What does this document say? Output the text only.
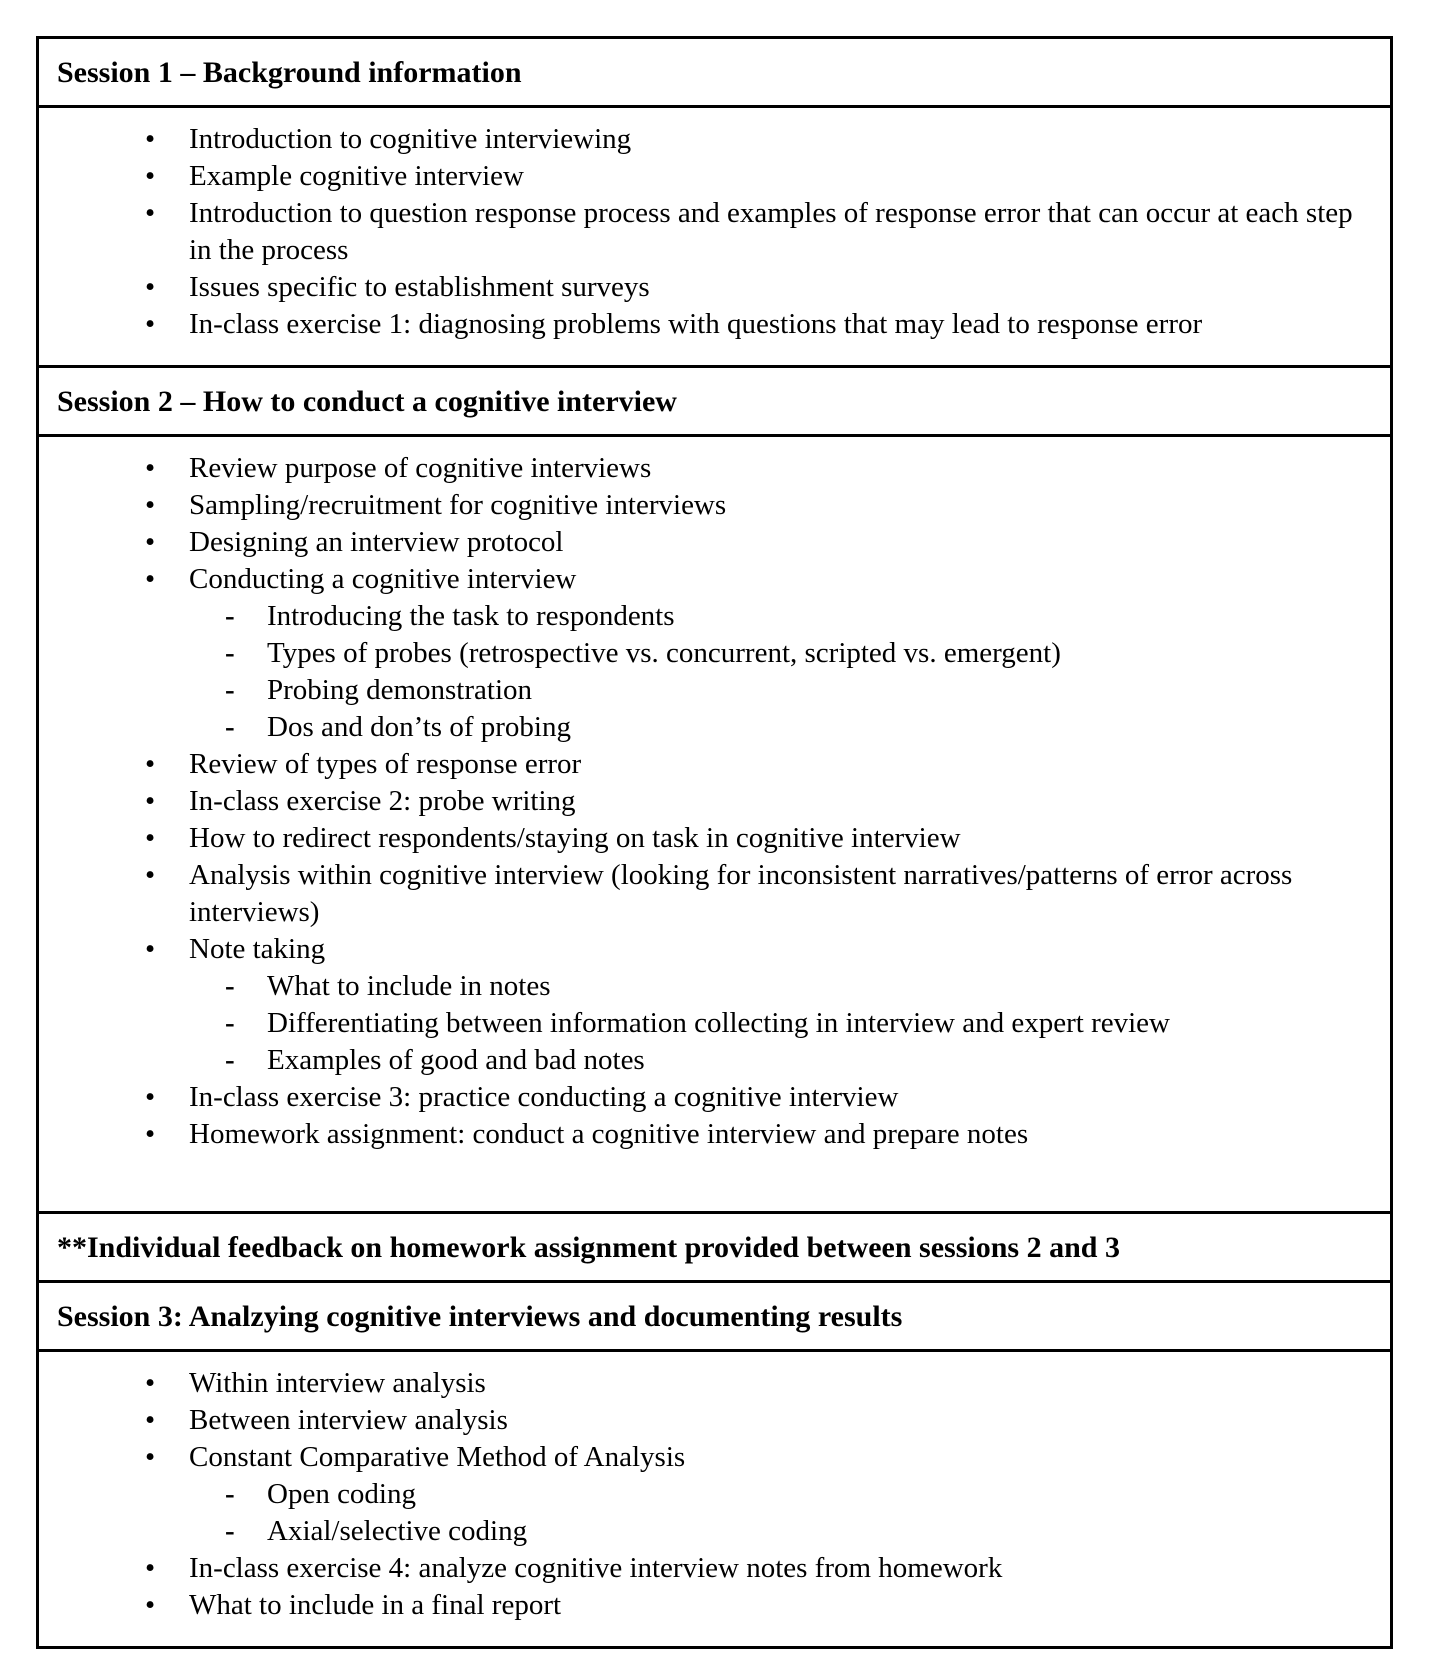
Session 1 – Background information
• Introduction to cognitive interviewing
• Example cognitive interview
• Introduction to question response process and examples of response error that can occur at each step in the process
• Issues specific to establishment surveys
• In-class exercise 1: diagnosing problems with questions that may lead to response error
Session 2 – How to conduct a cognitive interview
• Review purpose of cognitive interviews
• Sampling/recruitment for cognitive interviews
• Designing an interview protocol
• Conducting a cognitive interview
- Introducing the task to respondents
- Types of probes (retrospective vs. concurrent, scripted vs. emergent)
- Probing demonstration
- Dos and don’ts of probing
• Review of types of response error
• In-class exercise 2: probe writing
• How to redirect respondents/staying on task in cognitive interview
• Analysis within cognitive interview (looking for inconsistent narratives/patterns of error across interviews)
• Note taking
- What to include in notes
- Differentiating between information collecting in interview and expert review
- Examples of good and bad notes
• In-class exercise 3: practice conducting a cognitive interview
• Homework assignment: conduct a cognitive interview and prepare notes
**Individual feedback on homework assignment provided between sessions 2 and 3
Session 3: Analzying cognitive interviews and documenting results
• Within interview analysis
• Between interview analysis
• Constant Comparative Method of Analysis
- Open coding
- Axial/selective coding
• In-class exercise 4: analyze cognitive interview notes from homework
• What to include in a final report
